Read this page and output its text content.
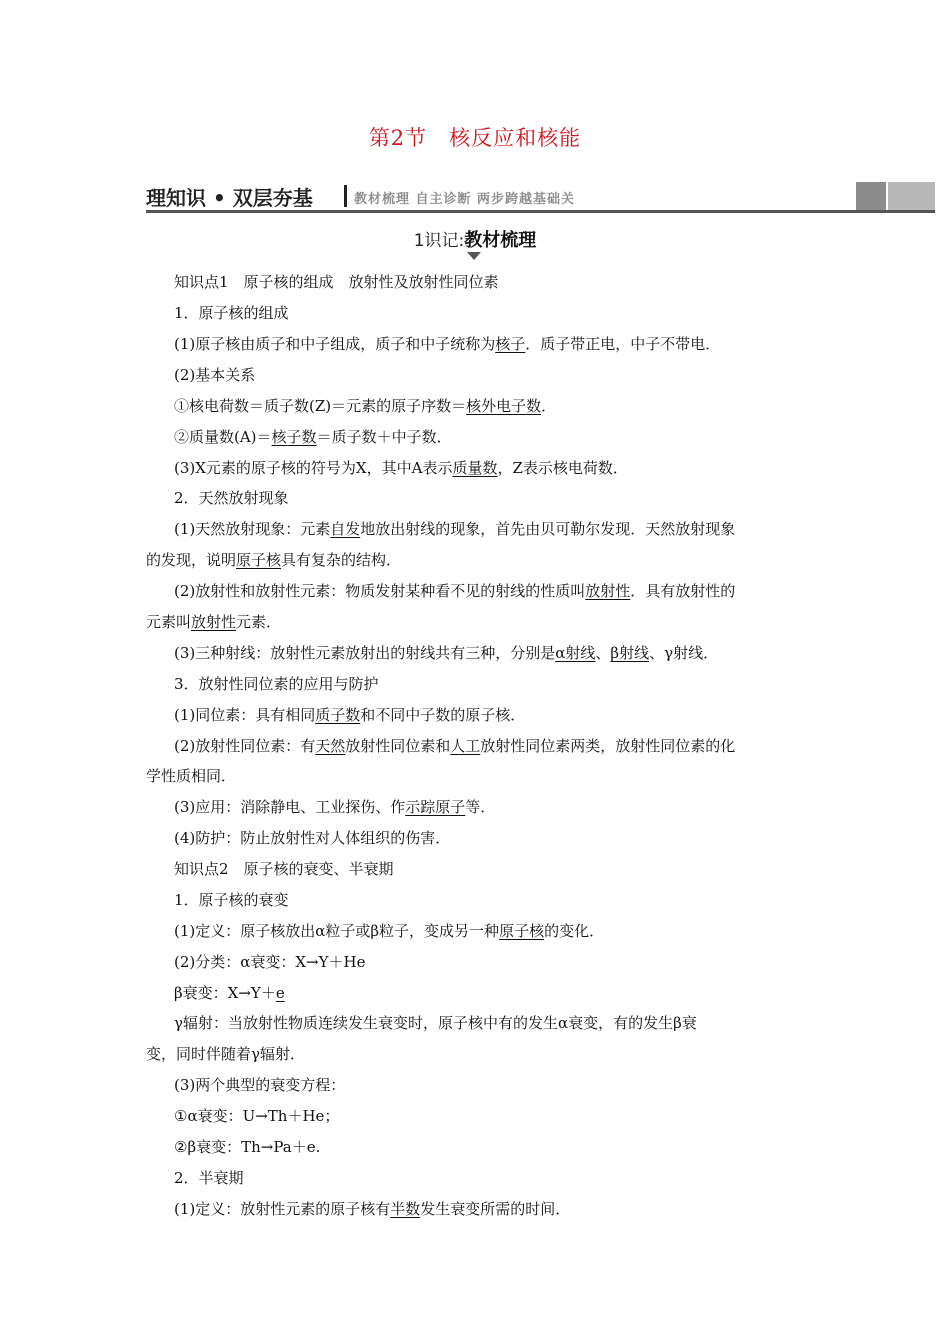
第2节　核反应和核能
理知识 • 双层夯基	教材梳理 自主诊断 两步跨越基础关
1识记:教材梳理
知识点1　原子核的组成　放射性及放射性同位素
1．原子核的组成
(1)原子核由质子和中子组成，质子和中子统称为核子．质子带正电，中子不带电．
(2)基本关系
①核电荷数＝质子数(Z)＝元素的原子序数＝核外电子数．
②质量数(A)＝核子数＝质子数＋中子数．
(3)X元素的原子核的符号为X，其中A表示质量数，Z表示核电荷数．
2．天然放射现象
(1)天然放射现象：元素自发地放出射线的现象，首先由贝可勒尔发现．天然放射现象
的发现，说明原子核具有复杂的结构．
(2)放射性和放射性元素：物质发射某种看不见的射线的性质叫放射性．具有放射性的
元素叫放射性元素．
(3)三种射线：放射性元素放射出的射线共有三种，分别是α射线、β射线、γ射线．
3．放射性同位素的应用与防护
(1)同位素：具有相同质子数和不同中子数的原子核．
(2)放射性同位素：有天然放射性同位素和人工放射性同位素两类，放射性同位素的化
学性质相同．
(3)应用：消除静电、工业探伤、作示踪原子等．
(4)防护：防止放射性对人体组织的伤害．
知识点2　原子核的衰变、半衰期
1．原子核的衰变
(1)定义：原子核放出α粒子或β粒子，变成另一种原子核的变化．
(2)分类：α衰变：X→Y＋He
β衰变：X→Y＋e
γ辐射：当放射性物质连续发生衰变时，原子核中有的发生α衰变，有的发生β衰
变，同时伴随着γ辐射．
(3)两个典型的衰变方程：
①α衰变：U→Th＋He；
②β衰变：Th→Pa＋e.
2．半衰期
(1)定义：放射性元素的原子核有半数发生衰变所需的时间．
